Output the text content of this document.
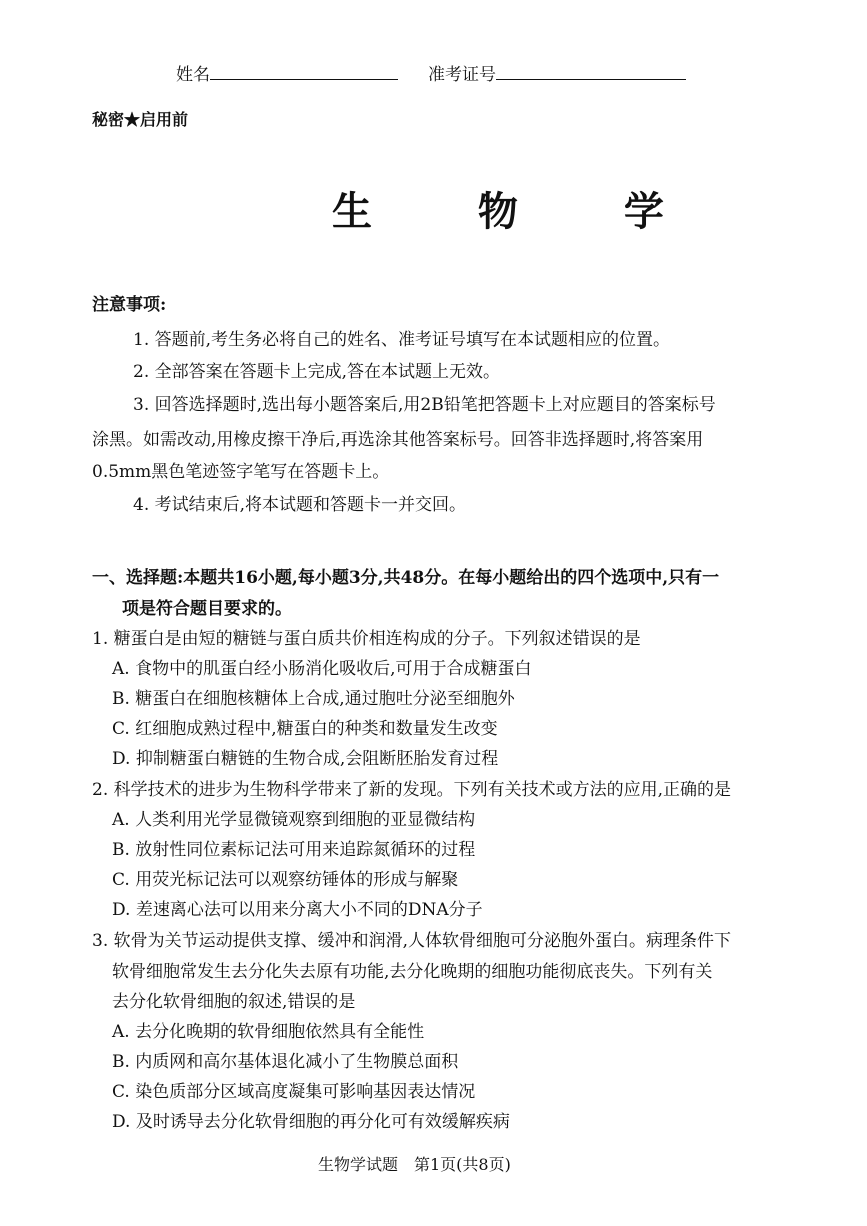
姓名	准考证号
秘密★启用前
生 物 学
注意事项:
1. 答题前,考生务必将自己的姓名、准考证号填写在本试题相应的位置。
2. 全部答案在答题卡上完成,答在本试题上无效。
3. 回答选择题时,选出每小题答案后,用2B铅笔把答题卡上对应题目的答案标号
涂黑。如需改动,用橡皮擦干净后,再选涂其他答案标号。回答非选择题时,将答案用
0.5mm黑色笔迹签字笔写在答题卡上。
4. 考试结束后,将本试题和答题卡一并交回。
一、选择题:本题共16小题,每小题3分,共48分。在每小题给出的四个选项中,只有一
项是符合题目要求的。
1. 糖蛋白是由短的糖链与蛋白质共价相连构成的分子。下列叙述错误的是
A. 食物中的肌蛋白经小肠消化吸收后,可用于合成糖蛋白
B. 糖蛋白在细胞核糖体上合成,通过胞吐分泌至细胞外
C. 红细胞成熟过程中,糖蛋白的种类和数量发生改变
D. 抑制糖蛋白糖链的生物合成,会阻断胚胎发育过程
2. 科学技术的进步为生物科学带来了新的发现。下列有关技术或方法的应用,正确的是
A. 人类利用光学显微镜观察到细胞的亚显微结构
B. 放射性同位素标记法可用来追踪氮循环的过程
C. 用荧光标记法可以观察纺锤体的形成与解聚
D. 差速离心法可以用来分离大小不同的DNA分子
3. 软骨为关节运动提供支撑、缓冲和润滑,人体软骨细胞可分泌胞外蛋白。病理条件下
软骨细胞常发生去分化失去原有功能,去分化晚期的细胞功能彻底丧失。下列有关
去分化软骨细胞的叙述,错误的是
A. 去分化晚期的软骨细胞依然具有全能性
B. 内质网和高尔基体退化减小了生物膜总面积
C. 染色质部分区域高度凝集可影响基因表达情况
D. 及时诱导去分化软骨细胞的再分化可有效缓解疾病
生物学试题　第1页(共8页)
